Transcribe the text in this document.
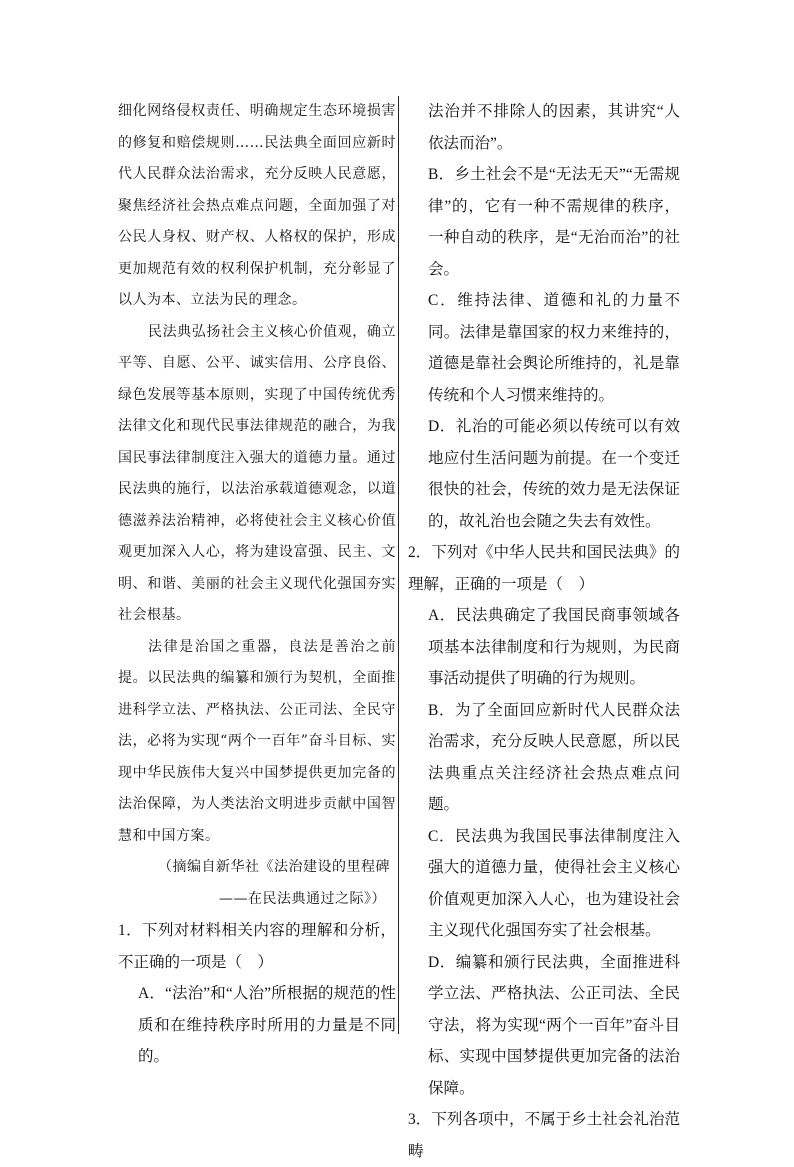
细化网络侵权责任、明确规定生态环境损害的修复和赔偿规则……民法典全面回应新时代人民群众法治需求，充分反映人民意愿，聚焦经济社会热点难点问题，全面加强了对公民人身权、财产权、人格权的保护，形成更加规范有效的权利保护机制，充分彰显了以人为本、立法为民的理念。

民法典弘扬社会主义核心价值观，确立平等、自愿、公平、诚实信用、公序良俗、绿色发展等基本原则，实现了中国传统优秀法律文化和现代民事法律规范的融合，为我国民事法律制度注入强大的道德力量。通过民法典的施行，以法治承载道德观念，以道德滋养法治精神，必将使社会主义核心价值观更加深入人心，将为建设富强、民主、文明、和谐、美丽的社会主义现代化强国夯实社会根基。

法律是治国之重器，良法是善治之前提。以民法典的编纂和颁行为契机，全面推进科学立法、严格执法、公正司法、全民守法，必将为实现“两个一百年”奋斗目标、实现中华民族伟大复兴中国梦提供更加完备的法治保障，为人类法治文明进步贡献中国智慧和中国方案。

（摘编自新华社《法治建设的里程碑

——在民法典通过之际》）

1．下列对材料相关内容的理解和分析，不正确的一项是（　）

A．“法治”和“人治”所根据的规范的性质和在维持秩序时所用的力量是不同的。

法治并不排除人的因素，其讲究“人依法而治”。

B．乡土社会不是“无法无天”“无需规律”的，它有一种不需规律的秩序，一种自动的秩序，是“无治而治”的社会。

C．维持法律、道德和礼的力量不同。法律是靠国家的权力来维持的，道德是靠社会舆论所维持的，礼是靠传统和个人习惯来维持的。

D．礼治的可能必须以传统可以有效地应付生活问题为前提。在一个变迁很快的社会，传统的效力是无法保证的，故礼治也会随之失去有效性。

2．下列对《中华人民共和国民法典》的理解，正确的一项是（　）

A．民法典确定了我国民商事领域各项基本法律制度和行为规则，为民商事活动提供了明确的行为规则。

B．为了全面回应新时代人民群众法治需求，充分反映人民意愿，所以民法典重点关注经济社会热点难点问题。

C．民法典为我国民事法律制度注入强大的道德力量，使得社会主义核心价值观更加深入人心，也为建设社会主义现代化强国夯实了社会根基。

D．编纂和颁行民法典，全面推进科学立法、严格执法、公正司法、全民守法，将为实现“两个一百年”奋斗目标、实现中国梦提供更加完备的法治保障。

3．下列各项中，不属于乡土社会礼治范畴
